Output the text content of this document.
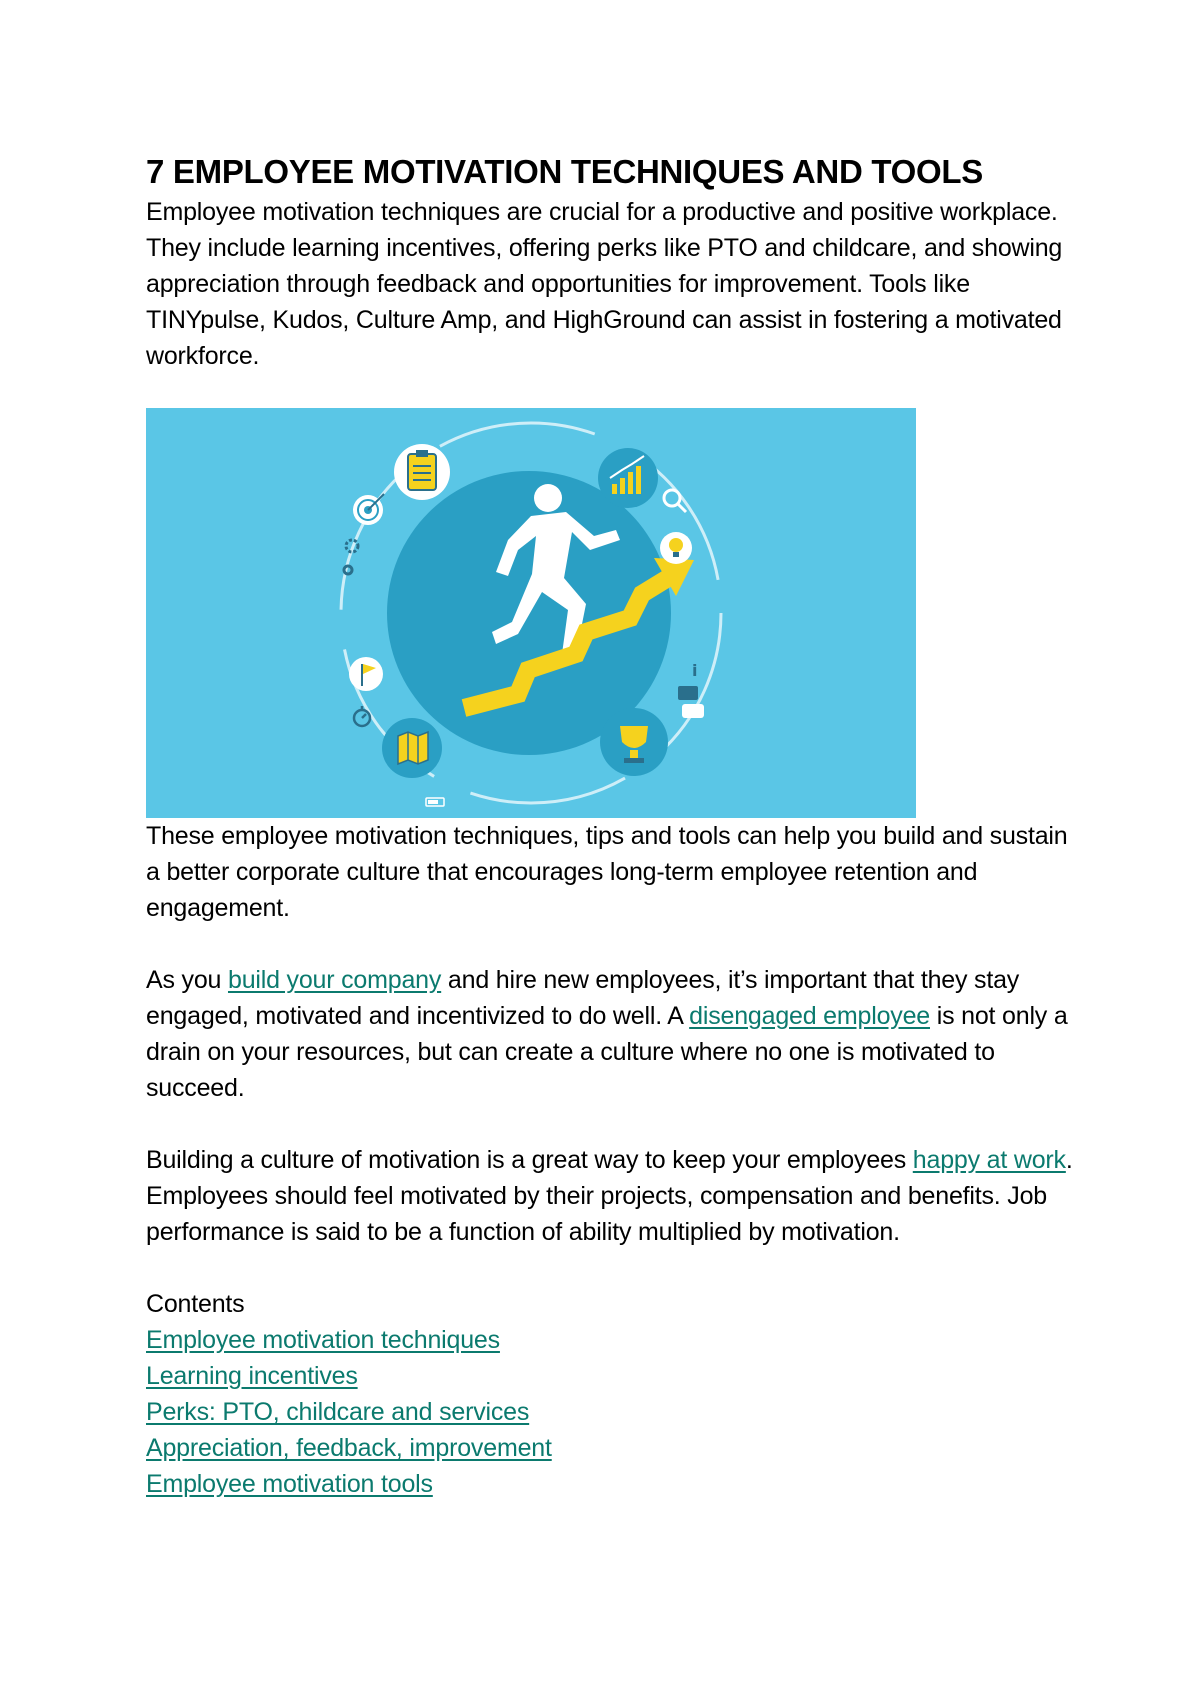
7 EMPLOYEE MOTIVATION TECHNIQUES AND TOOLS

Employee motivation techniques are crucial for a productive and positive workplace. They include learning incentives, offering perks like PTO and childcare, and showing appreciation through feedback and opportunities for improvement. Tools like TINYpulse, Kudos, Culture Amp, and HighGround can assist in fostering a motivated workforce.

i

These employee motivation techniques, tips and tools can help you build and sustain a better corporate culture that encourages long-term employee retention and engagement.

As you build your company and hire new employees, it’s important that they stay engaged, motivated and incentivized to do well. A disengaged employee is not only a drain on your resources, but can create a culture where no one is motivated to succeed.

Building a culture of motivation is a great way to keep your employees happy at work. Employees should feel motivated by their projects, compensation and benefits. Job performance is said to be a function of ability multiplied by motivation.

Contents

Employee motivation techniques

Learning incentives

Perks: PTO, childcare and services

Appreciation, feedback, improvement

Employee motivation tools
